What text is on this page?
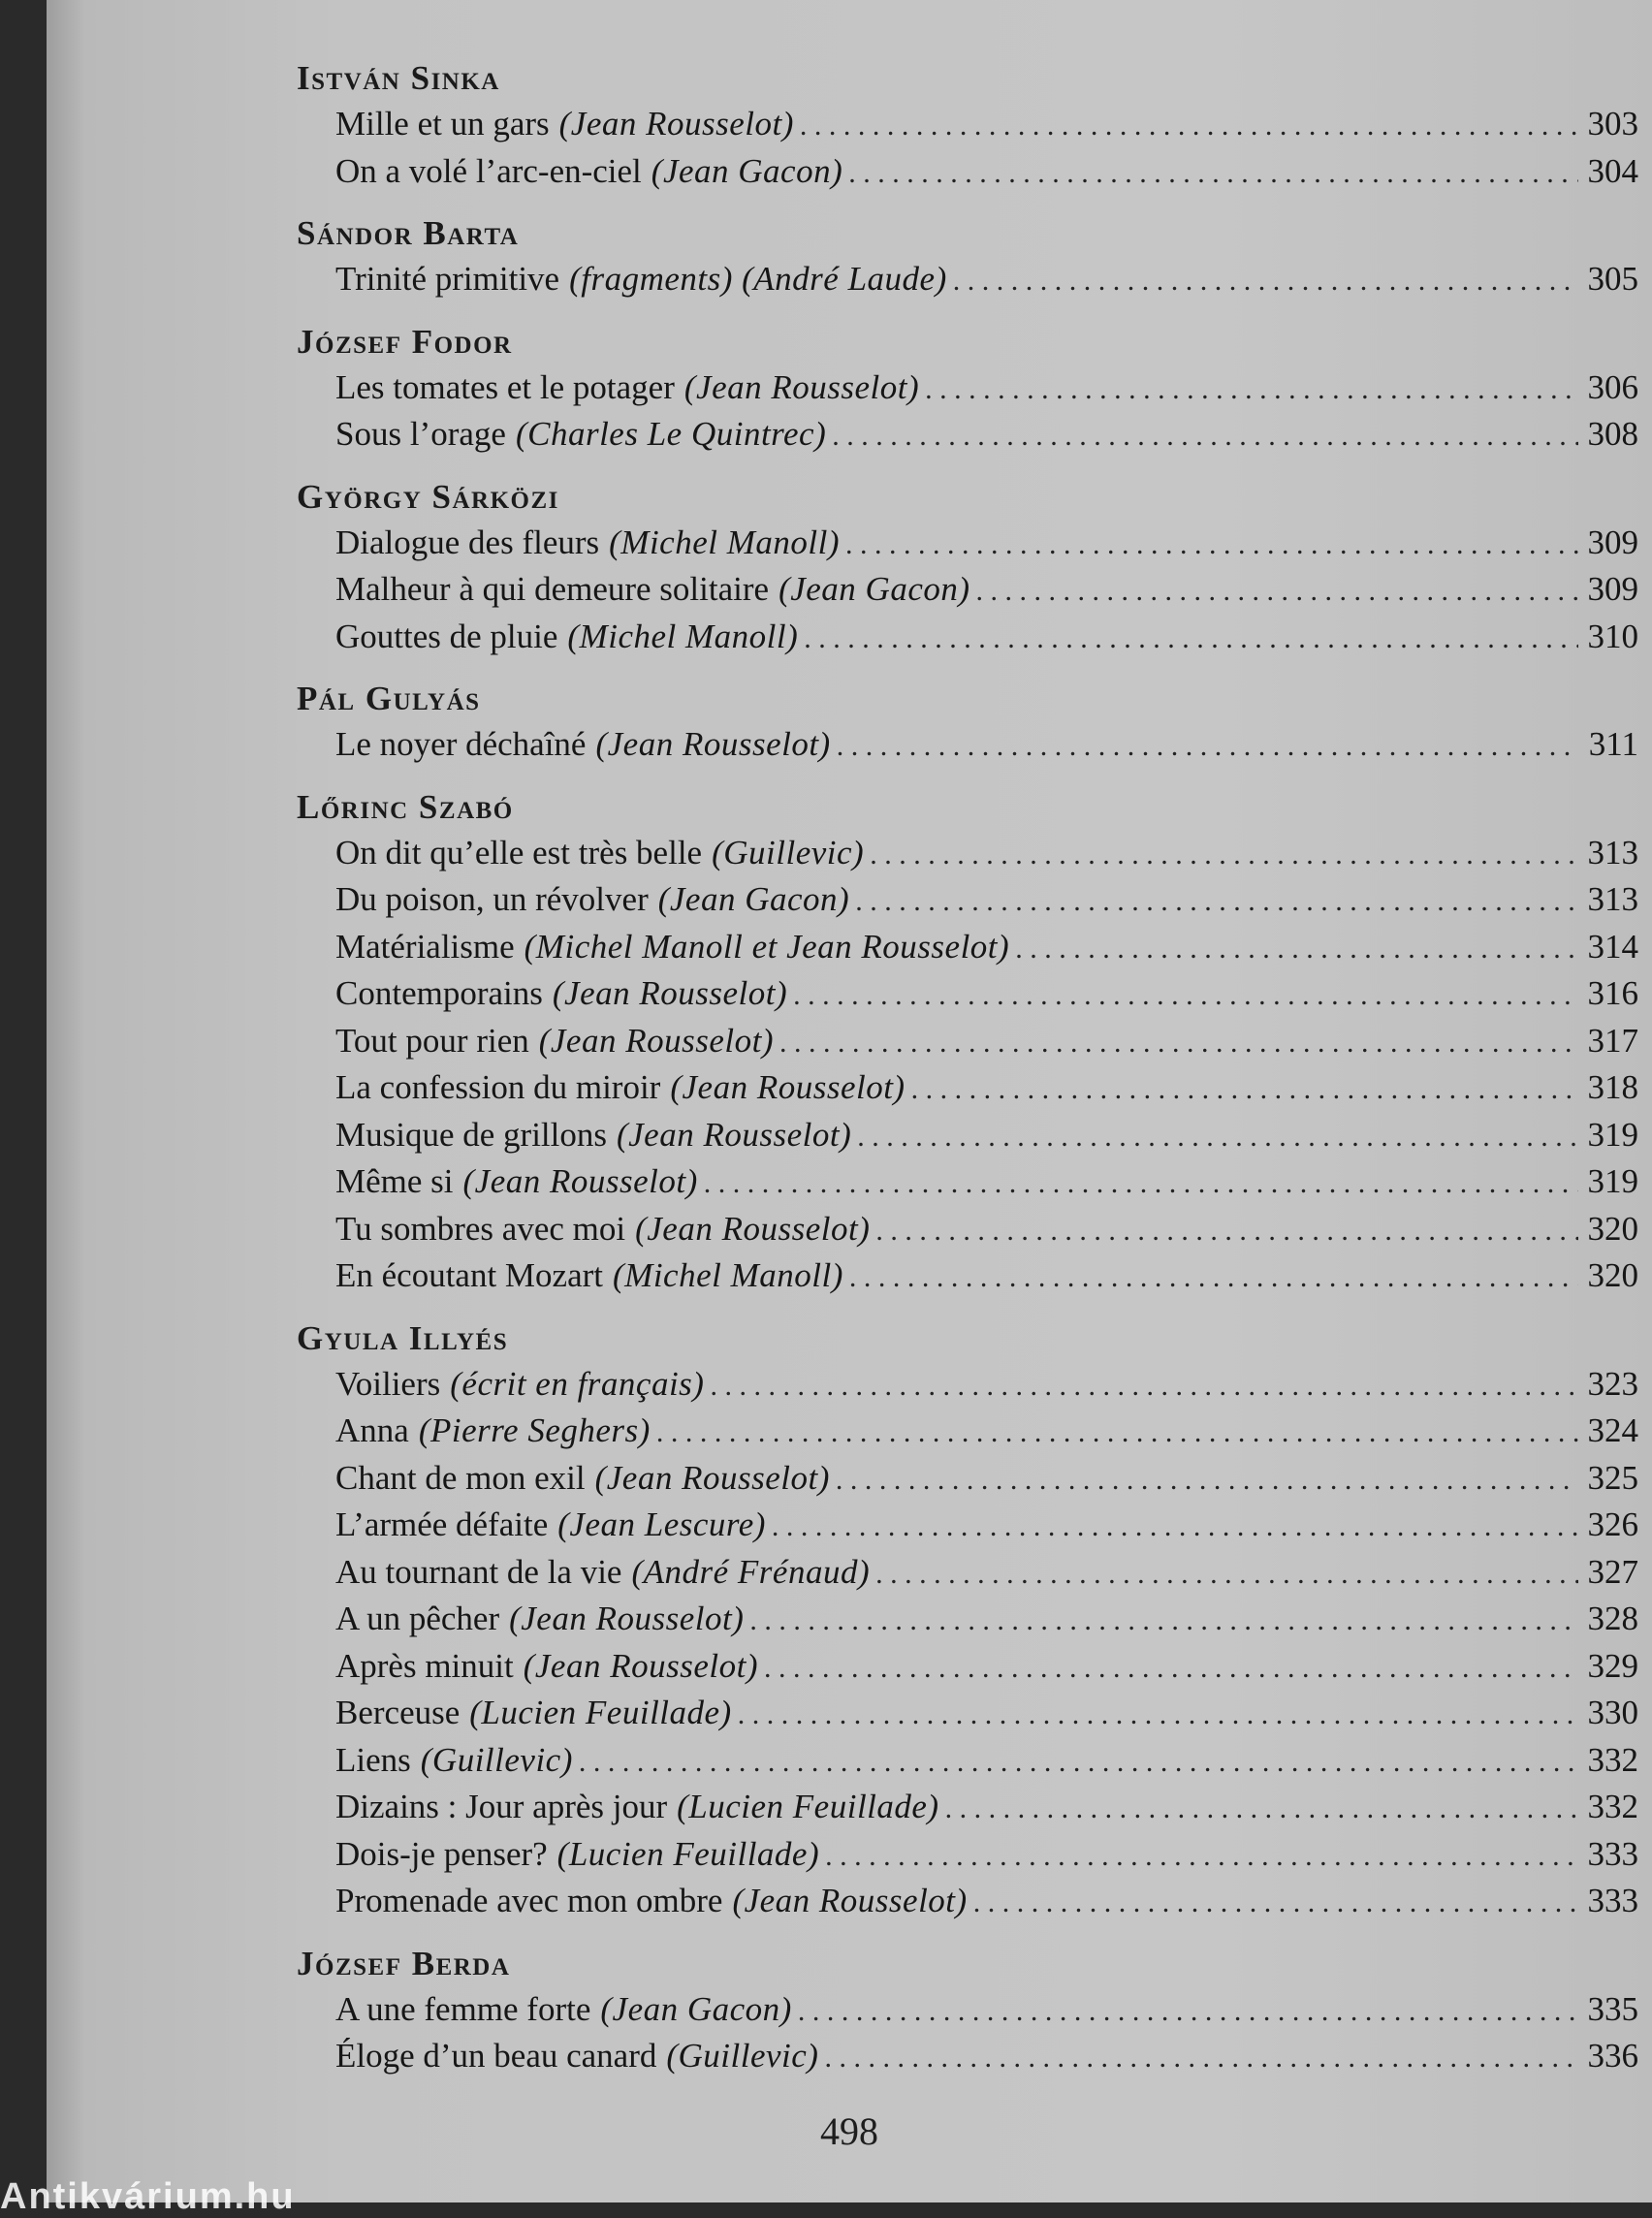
István Sinka
Mille et un gars (Jean Rousselot) . . .	303
On a volé l’arc-en-ciel (Jean Gacon) . . .	304
Sándor Barta
Trinité primitive (fragments) (André Laude) . . .	305
József Fodor
Les tomates et le potager (Jean Rousselot) . . .	306
Sous l’orage (Charles Le Quintrec) . . .	308
György Sárközi
Dialogue des fleurs (Michel Manoll) . . .	309
Malheur à qui demeure solitaire (Jean Gacon) . . .	309
Gouttes de pluie (Michel Manoll) . . .	310
Pál Gulyás
Le noyer déchaîné (Jean Rousselot) . . .	311
Lőrinc Szabó
On dit qu’elle est très belle (Guillevic) . . .	313
Du poison, un révolver (Jean Gacon) . . .	313
Matérialisme (Michel Manoll et Jean Rousselot) . . .	314
Contemporains (Jean Rousselot) . . .	316
Tout pour rien (Jean Rousselot) . . .	317
La confession du miroir (Jean Rousselot) . . .	318
Musique de grillons (Jean Rousselot) . . .	319
Même si (Jean Rousselot) . . .	319
Tu sombres avec moi (Jean Rousselot) . . .	320
En écoutant Mozart (Michel Manoll) . . .	320
Gyula Illyés
Voiliers (écrit en français) . . .	323
Anna (Pierre Seghers) . . .	324
Chant de mon exil (Jean Rousselot) . . .	325
L’armée défaite (Jean Lescure) . . .	326
Au tournant de la vie (André Frénaud) . . .	327
A un pêcher (Jean Rousselot) . . .	328
Après minuit (Jean Rousselot) . . .	329
Berceuse (Lucien Feuillade) . . .	330
Liens (Guillevic) . . .	332
Dizains : Jour après jour (Lucien Feuillade) . . .	332
Dois-je penser? (Lucien Feuillade) . . .	333
Promenade avec mon ombre (Jean Rousselot) . . .	333
József Berda
A une femme forte (Jean Gacon) . . .	335
Éloge d’un beau canard (Guillevic) . . .	336
498
Antikvárium.hu
